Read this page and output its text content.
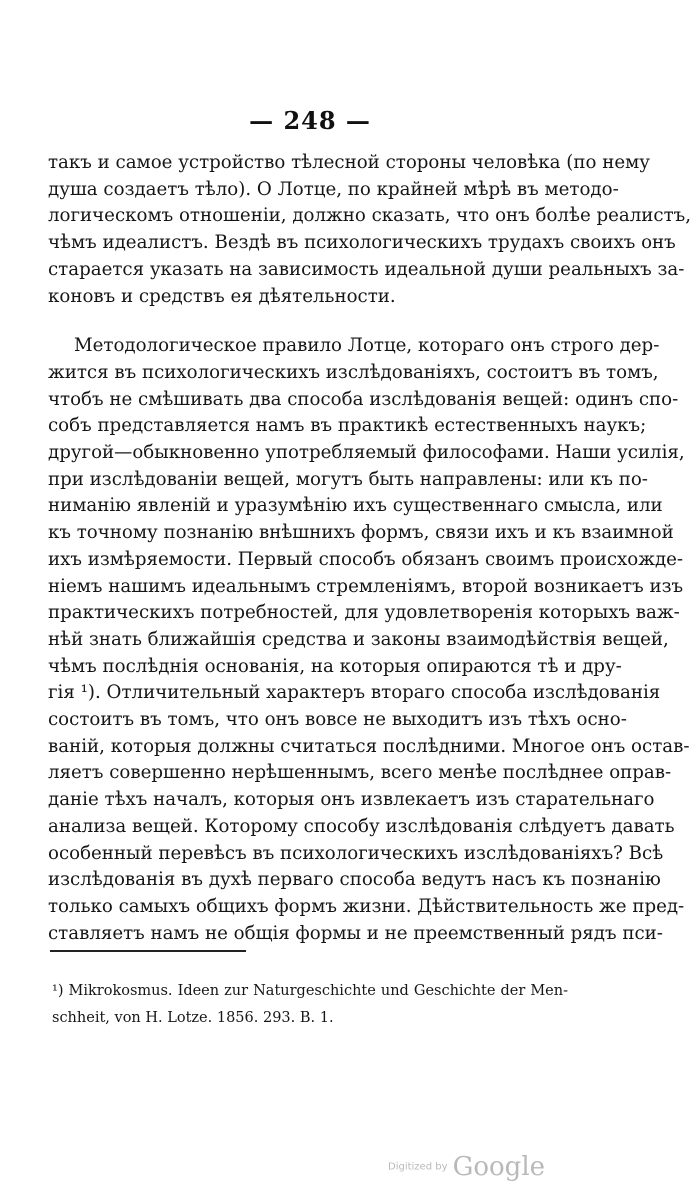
— 248 —
такъ и самое устройство тѣлесной стороны человѣка (по нему
душа создаетъ тѣло). О Лотце, по крайней мѣрѣ въ методо-
логическомъ отношеніи, должно сказать, что онъ болѣе реалистъ,
чѣмъ идеалистъ. Вездѣ въ психологическихъ трудахъ своихъ онъ
старается указать на зависимость идеальной души реальныхъ за-
коновъ и средствъ ея дѣятельности.
Методологическое правило Лотце, котораго онъ строго дер-
жится въ психологическихъ изслѣдованіяхъ, состоитъ въ томъ,
чтобъ не смѣшивать два способа изслѣдованія вещей: одинъ спо-
собъ представляется намъ въ практикѣ естественныхъ наукъ;
другой—обыкновенно употребляемый философами. Наши усилія,
при изслѣдованіи вещей, могутъ быть направлены: или къ по-
ниманію явленій и уразумѣнію ихъ существеннаго смысла, или
къ точному познанію внѣшнихъ формъ, связи ихъ и къ взаимной
ихъ измѣряемости. Первый способъ обязанъ своимъ происхожде-
ніемъ нашимъ идеальнымъ стремленіямъ, второй возникаетъ изъ
практическихъ потребностей, для удовлетворенія которыхъ важ-
нѣй знать ближайшія средства и законы взаимодѣйствія вещей,
чѣмъ послѣднія основанія, на которыя опираются тѣ и дру-
гія ¹). Отличительный характеръ втораго способа изслѣдованія
состоитъ въ томъ, что онъ вовсе не выходитъ изъ тѣхъ осно-
ваній, которыя должны считаться послѣдними. Многое онъ остав-
ляетъ совершенно нерѣшеннымъ, всего менѣе послѣднее оправ-
даніе тѣхъ началъ, которыя онъ извлекаетъ изъ старательнаго
анализа вещей. Которому способу изслѣдованія слѣдуетъ давать
особенный перевѣсъ въ психологическихъ изслѣдованіяхъ? Всѣ
изслѣдованія въ духѣ перваго способа ведутъ насъ къ познанію
только самыхъ общихъ формъ жизни. Дѣйствительность же пред-
ставляетъ намъ не общія формы и не преемственный рядъ пси-
¹) Mikrokosmus. Ideen zur Naturgeschichte und Geschichte der Men-
schheit, von H. Lotze. 1856. 293. B. 1.
Digitized by Google
